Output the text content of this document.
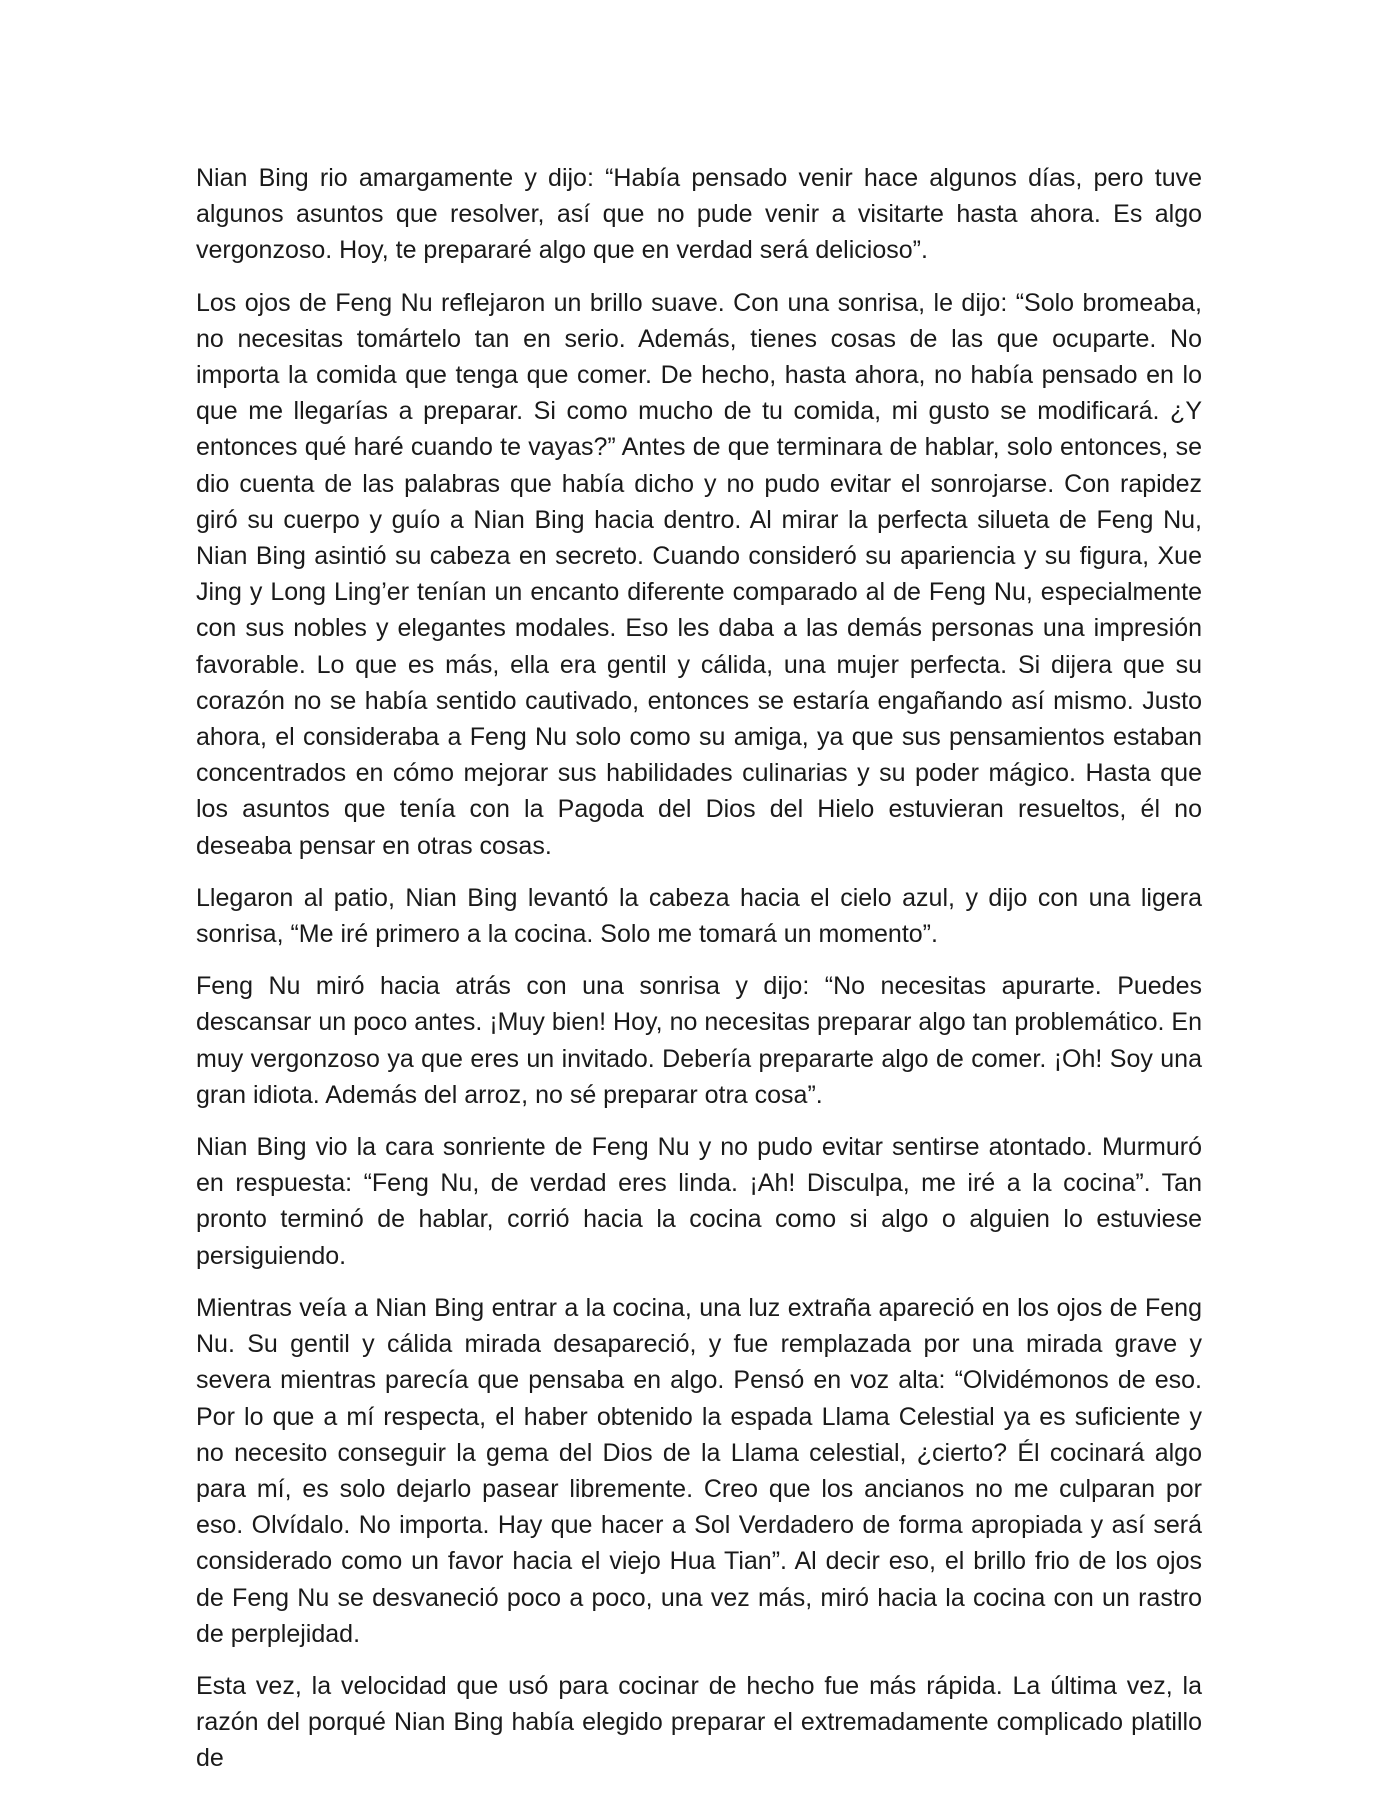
Nian Bing rio amargamente y dijo: “Había pensado venir hace algunos días, pero tuve algunos asuntos que resolver, así que no pude venir a visitarte hasta ahora. Es algo vergonzoso. Hoy, te prepararé algo que en verdad será delicioso”.

Los ojos de Feng Nu reflejaron un brillo suave. Con una sonrisa, le dijo: “Solo bromeaba, no necesitas tomártelo tan en serio. Además, tienes cosas de las que ocuparte. No importa la comida que tenga que comer. De hecho, hasta ahora, no había pensado en lo que me llegarías a preparar. Si como mucho de tu comida, mi gusto se modificará. ¿Y entonces qué haré cuando te vayas?” Antes de que terminara de hablar, solo entonces, se dio cuenta de las palabras que había dicho y no pudo evitar el sonrojarse. Con rapidez giró su cuerpo y guío a Nian Bing hacia dentro. Al mirar la perfecta silueta de Feng Nu, Nian Bing asintió su cabeza en secreto. Cuando consideró su apariencia y su figura, Xue Jing y Long Ling’er tenían un encanto diferente comparado al de Feng Nu, especialmente con sus nobles y elegantes modales. Eso les daba a las demás personas una impresión favorable. Lo que es más, ella era gentil y cálida, una mujer perfecta. Si dijera que su corazón no se había sentido cautivado, entonces se estaría engañando así mismo. Justo ahora, el consideraba a Feng Nu solo como su amiga, ya que sus pensamientos estaban concentrados en cómo mejorar sus habilidades culinarias y su poder mágico. Hasta que los asuntos que tenía con la Pagoda del Dios del Hielo estuvieran resueltos, él no deseaba pensar en otras cosas.

Llegaron al patio, Nian Bing levantó la cabeza hacia el cielo azul, y dijo con una ligera sonrisa, “Me iré primero a la cocina. Solo me tomará un momento”.

Feng Nu miró hacia atrás con una sonrisa y dijo: “No necesitas apurarte. Puedes descansar un poco antes. ¡Muy bien! Hoy, no necesitas preparar algo tan problemático. En muy vergonzoso ya que eres un invitado. Debería prepararte algo de comer. ¡Oh! Soy una gran idiota. Además del arroz, no sé preparar otra cosa”.

Nian Bing vio la cara sonriente de Feng Nu y no pudo evitar sentirse atontado. Murmuró en respuesta: “Feng Nu, de verdad eres linda. ¡Ah! Disculpa, me iré a la cocina”. Tan pronto terminó de hablar, corrió hacia la cocina como si algo o alguien lo estuviese persiguiendo.

Mientras veía a Nian Bing entrar a la cocina, una luz extraña apareció en los ojos de Feng Nu. Su gentil y cálida mirada desapareció, y fue remplazada por una mirada grave y severa mientras parecía que pensaba en algo. Pensó en voz alta: “Olvidémonos de eso. Por lo que a mí respecta, el haber obtenido la espada Llama Celestial ya es suficiente y no necesito conseguir la gema del Dios de la Llama celestial, ¿cierto? Él cocinará algo para mí, es solo dejarlo pasear libremente. Creo que los ancianos no me culparan por eso. Olvídalo. No importa. Hay que hacer a Sol Verdadero de forma apropiada y así será considerado como un favor hacia el viejo Hua Tian”. Al decir eso, el brillo frio de los ojos de Feng Nu se desvaneció poco a poco, una vez más, miró hacia la cocina con un rastro de perplejidad.

Esta vez, la velocidad que usó para cocinar de hecho fue más rápida. La última vez, la razón del porqué Nian Bing había elegido preparar el extremadamente complicado platillo de
